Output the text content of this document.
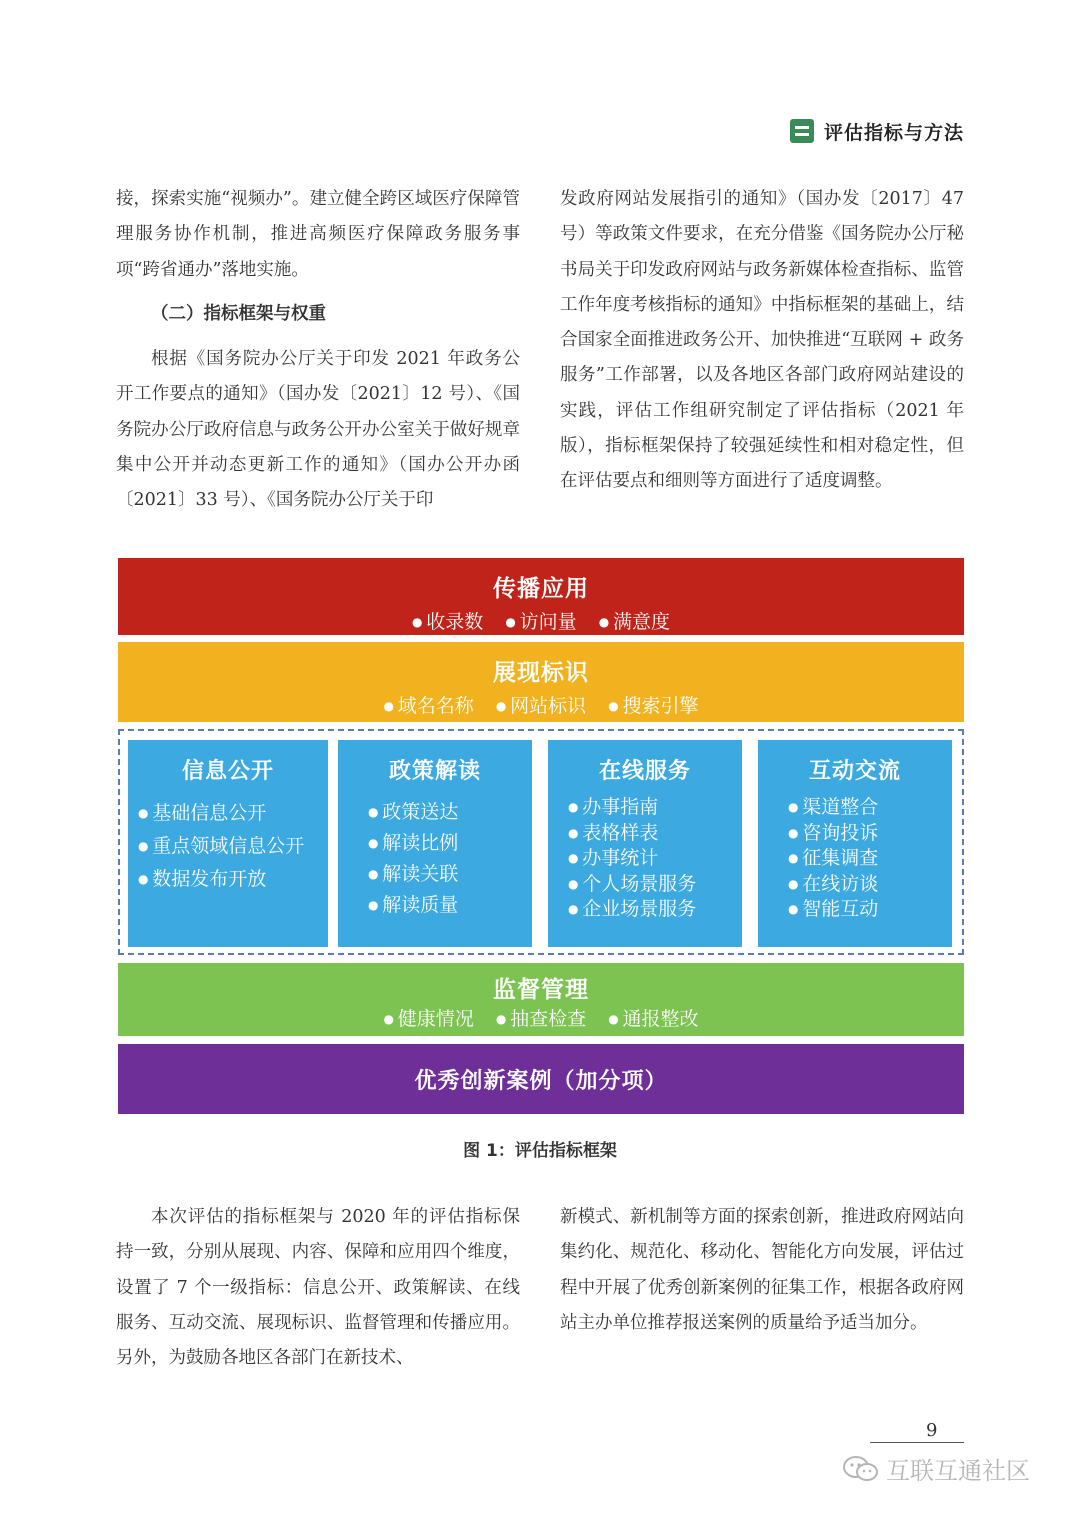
评估指标与方法

接，探索实施“视频办”。建立健全跨区域医疗保障管理服务协作机制，推进高频医疗保障政务服务事项“跨省通办”落地实施。

（二）指标框架与权重

根据《国务院办公厅关于印发 2021 年政务公开工作要点的通知》（国办发〔2021〕12 号）、《国务院办公厅政府信息与政务公开办公室关于做好规章集中公开并动态更新工作的通知》（国办公开办函〔2021〕33 号）、《国务院办公厅关于印

发政府网站发展指引的通知》（国办发〔2017〕47 号）等政策文件要求，在充分借鉴《国务院办公厅秘书局关于印发政府网站与政务新媒体检查指标、监管工作年度考核指标的通知》中指标框架的基础上，结合国家全面推进政务公开、加快推进“互联网 + 政务服务”工作部署，以及各地区各部门政府网站建设的实践，评估工作组研究制定了评估指标（2021 年版），指标框架保持了较强延续性和相对稳定性，但在评估要点和细则等方面进行了适度调整。

传播应用
● 收录数 ● 访问量 ● 满意度
展现标识
● 域名名称 ● 网站标识 ● 搜索引擎
信息公开
● 基础信息公开
● 重点领域信息公开
● 数据发布开放
政策解读
● 政策送达
● 解读比例
● 解读关联
● 解读质量
在线服务
● 办事指南
● 表格样表
● 办事统计
● 个人场景服务
● 企业场景服务
互动交流
● 渠道整合
● 咨询投诉
● 征集调查
● 在线访谈
● 智能互动
监督管理
● 健康情况 ● 抽查检查 ● 通报整改
优秀创新案例（加分项）
图 1：评估指标框架

本次评估的指标框架与 2020 年的评估指标保持一致，分别从展现、内容、保障和应用四个维度，设置了 7 个一级指标：信息公开、政策解读、在线服务、互动交流、展现标识、监督管理和传播应用。另外，为鼓励各地区各部门在新技术、

新模式、新机制等方面的探索创新，推进政府网站向集约化、规范化、移动化、智能化方向发展，评估过程中开展了优秀创新案例的征集工作，根据各政府网站主办单位推荐报送案例的质量给予适当加分。

9
互联互通社区
